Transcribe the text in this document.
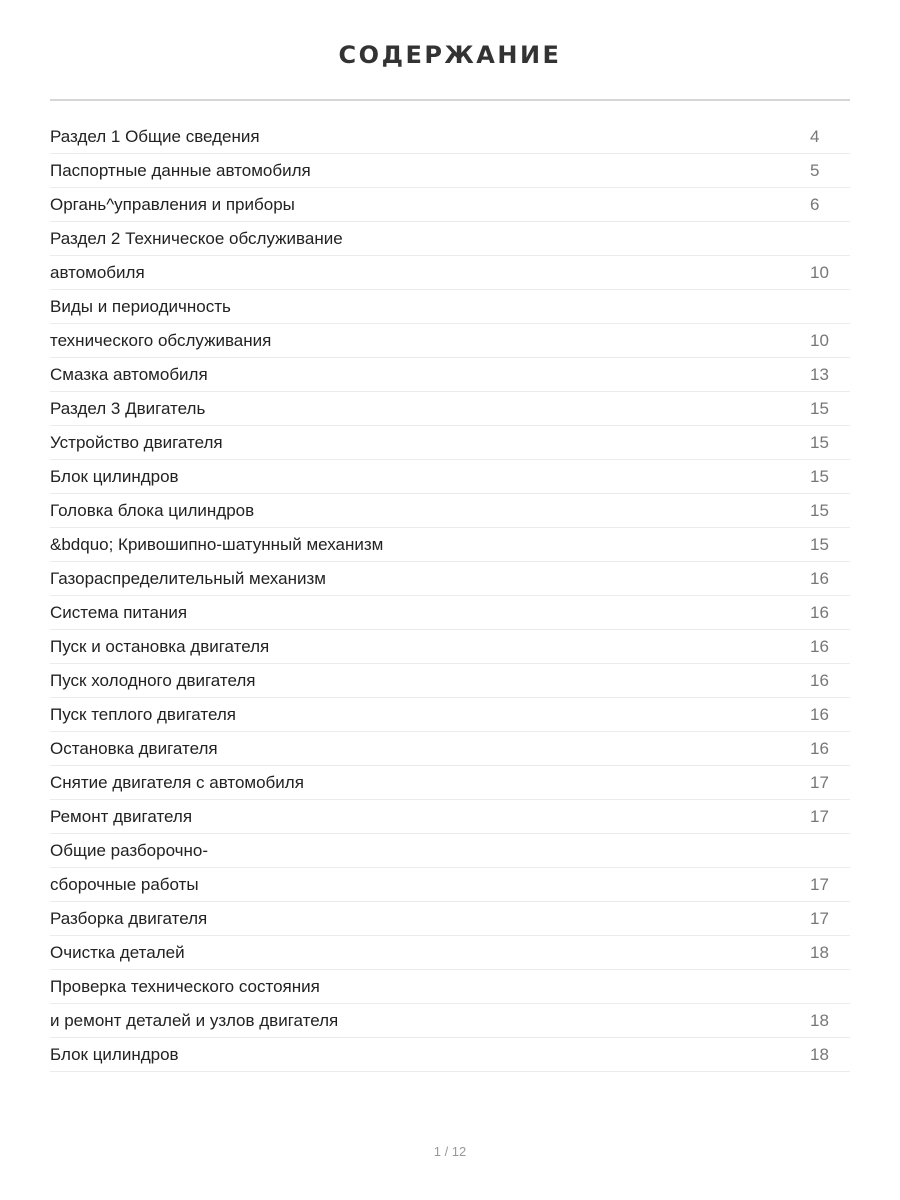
СОДЕРЖАНИЕ
Раздел 1 Общие сведения	4
Паспортные данные автомобиля	5
Органь^управления и приборы	6
Раздел 2 Техническое обслуживание
автомобиля	10
Виды и периодичность
технического обслуживания	10
Смазка автомобиля	13
Раздел 3 Двигатель	15
Устройство двигателя	15
Блок цилиндров	15
Головка блока цилиндров	15
&bdquo; Кривошипно-шатунный механизм	15
Газораспределительный механизм	16
Система питания	16
Пуск и остановка двигателя	16
Пуск холодного двигателя	16
Пуск теплого двигателя	16
Остановка двигателя	16
Снятие двигателя с автомобиля	17
Ремонт двигателя	17
Общие разборочно-
сборочные работы	17
Разборка двигателя	17
Очистка деталей	18
Проверка технического состояния
и ремонт деталей и узлов двигателя	18
Блок цилиндров	18
1 / 12
